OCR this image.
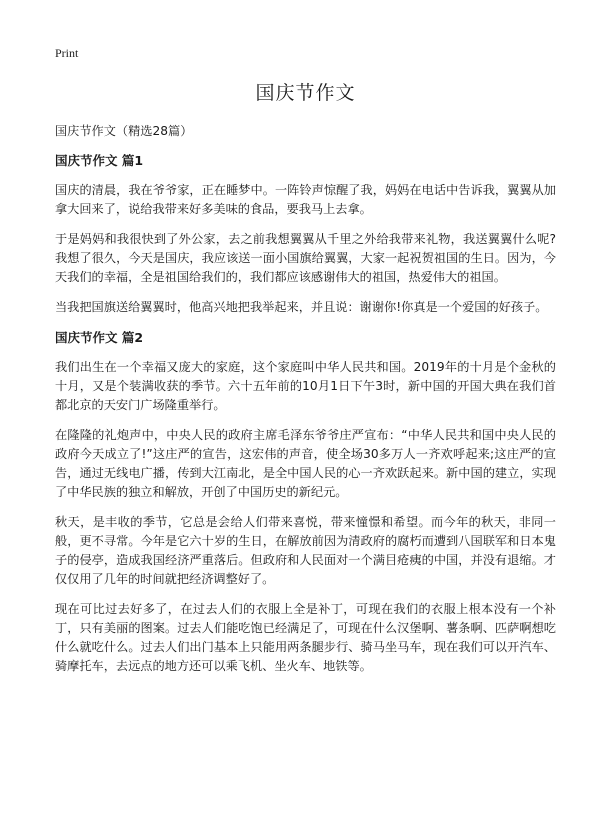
Print
国庆节作文

国庆节作文（精选28篇）

国庆节作文 篇1

国庆的清晨，我在爷爷家，正在睡梦中。一阵铃声惊醒了我，妈妈在电话中告诉我，翼翼从加拿大回来了，说给我带来好多美味的食品，要我马上去拿。

于是妈妈和我很快到了外公家，去之前我想翼翼从千里之外给我带来礼物，我送翼翼什么呢?我想了很久，今天是国庆，我应该送一面小国旗给翼翼，大家一起祝贺祖国的生日。因为，今天我们的幸福，全是祖国给我们的，我们都应该感谢伟大的祖国，热爱伟大的祖国。

当我把国旗送给翼翼时，他高兴地把我举起来，并且说：谢谢你!你真是一个爱国的好孩子。

国庆节作文 篇2

我们出生在一个幸福又庞大的家庭，这个家庭叫中华人民共和国。2019年的十月是个金秋的十月，又是个装满收获的季节。六十五年前的10月1日下午3时，新中国的开国大典在我们首都北京的天安门广场隆重举行。

在隆隆的礼炮声中，中央人民的政府主席毛泽东爷爷庄严宣布：“中华人民共和国中央人民的政府今天成立了!”这庄严的宣告，这宏伟的声音，使全场30多万人一齐欢呼起来;这庄严的宣告，通过无线电广播，传到大江南北，是全中国人民的心一齐欢跃起来。新中国的建立，实现了中华民族的独立和解放，开创了中国历史的新纪元。

秋天，是丰收的季节，它总是会给人们带来喜悦，带来憧憬和希望。而今年的秋天，非同一般，更不寻常。今年是它六十岁的生日，在解放前因为清政府的腐朽而遭到八国联军和日本鬼子的侵亭，造成我国经济严重落后。但政府和人民面对一个满目疮痍的中国，并没有退缩。才仅仅用了几年的时间就把经济调整好了。

现在可比过去好多了，在过去人们的衣服上全是补丁，可现在我们的衣服上根本没有一个补丁，只有美丽的图案。过去人们能吃饱已经满足了，可现在什么汉堡啊、薯条啊、匹萨啊想吃什么就吃什么。过去人们出门基本上只能用两条腿步行、骑马坐马车，现在我们可以开汽车、骑摩托车，去远点的地方还可以乘飞机、坐火车、地铁等。
